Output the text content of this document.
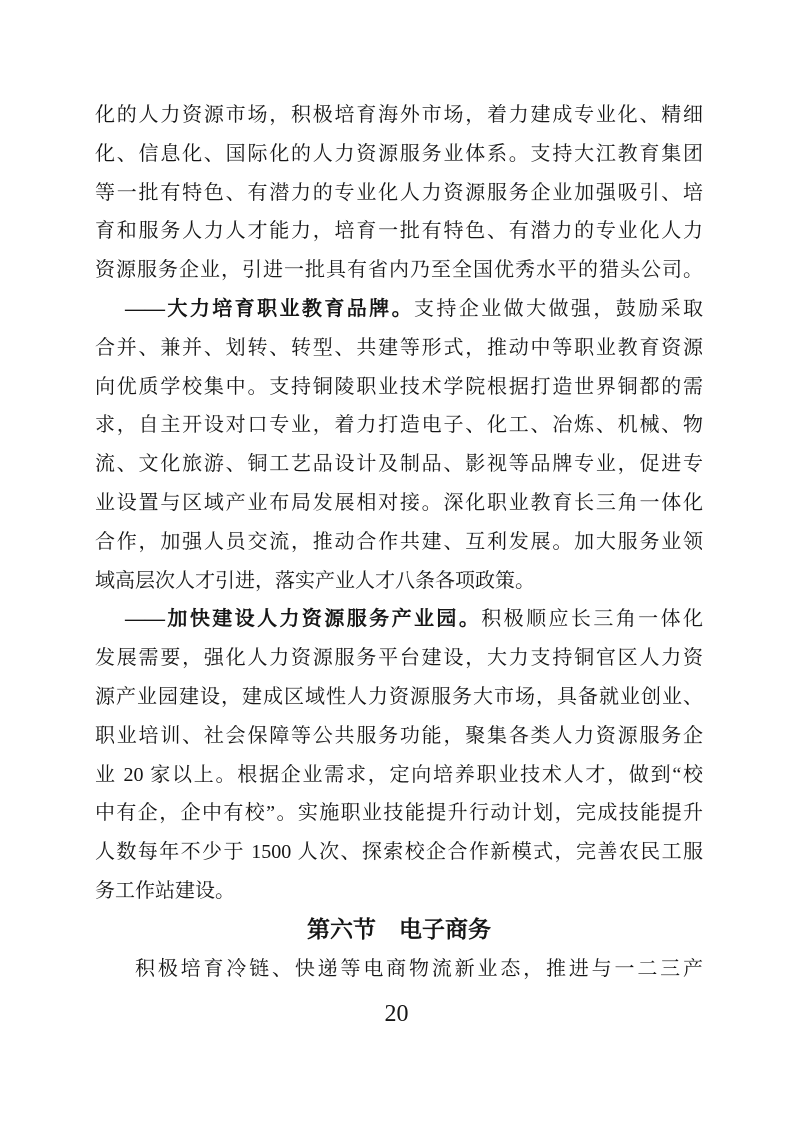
化的人力资源市场，积极培育海外市场，着力建成专业化、精细
化、信息化、国际化的人力资源服务业体系。支持大江教育集团
等一批有特色、有潜力的专业化人力资源服务企业加强吸引、培
育和服务人力人才能力，培育一批有特色、有潜力的专业化人力
资源服务企业，引进一批具有省内乃至全国优秀水平的猎头公司。
——大力培育职业教育品牌。支持企业做大做强，鼓励采取
合并、兼并、划转、转型、共建等形式，推动中等职业教育资源
向优质学校集中。支持铜陵职业技术学院根据打造世界铜都的需
求，自主开设对口专业，着力打造电子、化工、冶炼、机械、物
流、文化旅游、铜工艺品设计及制品、影视等品牌专业，促进专
业设置与区域产业布局发展相对接。深化职业教育长三角一体化
合作，加强人员交流，推动合作共建、互利发展。加大服务业领
域高层次人才引进，落实产业人才八条各项政策。
——加快建设人力资源服务产业园。积极顺应长三角一体化
发展需要，强化人力资源服务平台建设，大力支持铜官区人力资
源产业园建设，建成区域性人力资源服务大市场，具备就业创业、
职业培训、社会保障等公共服务功能，聚集各类人力资源服务企
业 20 家以上。根据企业需求，定向培养职业技术人才，做到“校
中有企，企中有校”。实施职业技能提升行动计划，完成技能提升
人数每年不少于 1500 人次、探索校企合作新模式，完善农民工服
务工作站建设。
第六节　电子商务
积极培育冷链、快递等电商物流新业态，推进与一二三产
20
